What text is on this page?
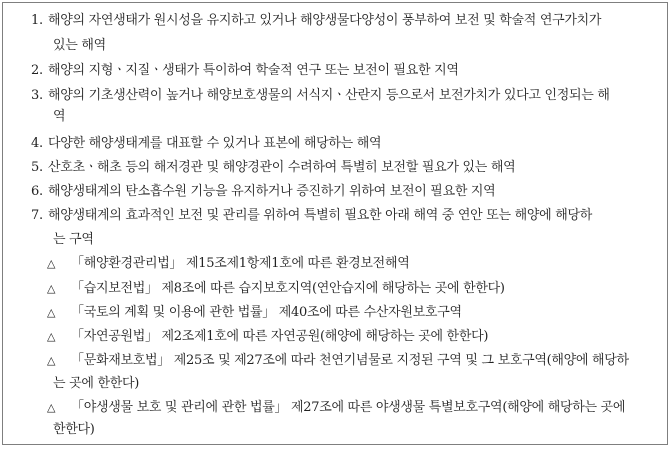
1. 해양의 자연생태가 원시성을 유지하고 있거나 해양생물다양성이 풍부하여 보전 및 학술적 연구가치가
있는 해역
2. 해양의 지형ㆍ지질ㆍ생태가 특이하여 학술적 연구 또는 보전이 필요한 지역
3. 해양의 기초생산력이 높거나 해양보호생물의 서식지ㆍ산란지 등으로서 보전가치가 있다고 인정되는 해
역
4. 다양한 해양생태계를 대표할 수 있거나 표본에 해당하는 해역
5. 산호초ㆍ해초 등의 해저경관 및 해양경관이 수려하여 특별히 보전할 필요가 있는 해역
6. 해양생태계의 탄소흡수원 기능을 유지하거나 증진하기 위하여 보전이 필요한 지역
7. 해양생태계의 효과적인 보전 및 관리를 위하여 특별히 필요한 아래 해역 중 연안 또는 해양에 해당하
는 구역
△ 「해양환경관리법」 제15조제1항제1호에 따른 환경보전해역
△ 「습지보전법」 제8조에 따른 습지보호지역(연안습지에 해당하는 곳에 한한다)
△ 「국토의 계획 및 이용에 관한 법률」 제40조에 따른 수산자원보호구역
△ 「자연공원법」 제2조제1호에 따른 자연공원(해양에 해당하는 곳에 한한다)
△ 「문화재보호법」 제25조 및 제27조에 따라 천연기념물로 지정된 구역 및 그 보호구역(해양에 해당하
는 곳에 한한다)
△ 「야생생물 보호 및 관리에 관한 법률」 제27조에 따른 야생생물 특별보호구역(해양에 해당하는 곳에
한한다)
